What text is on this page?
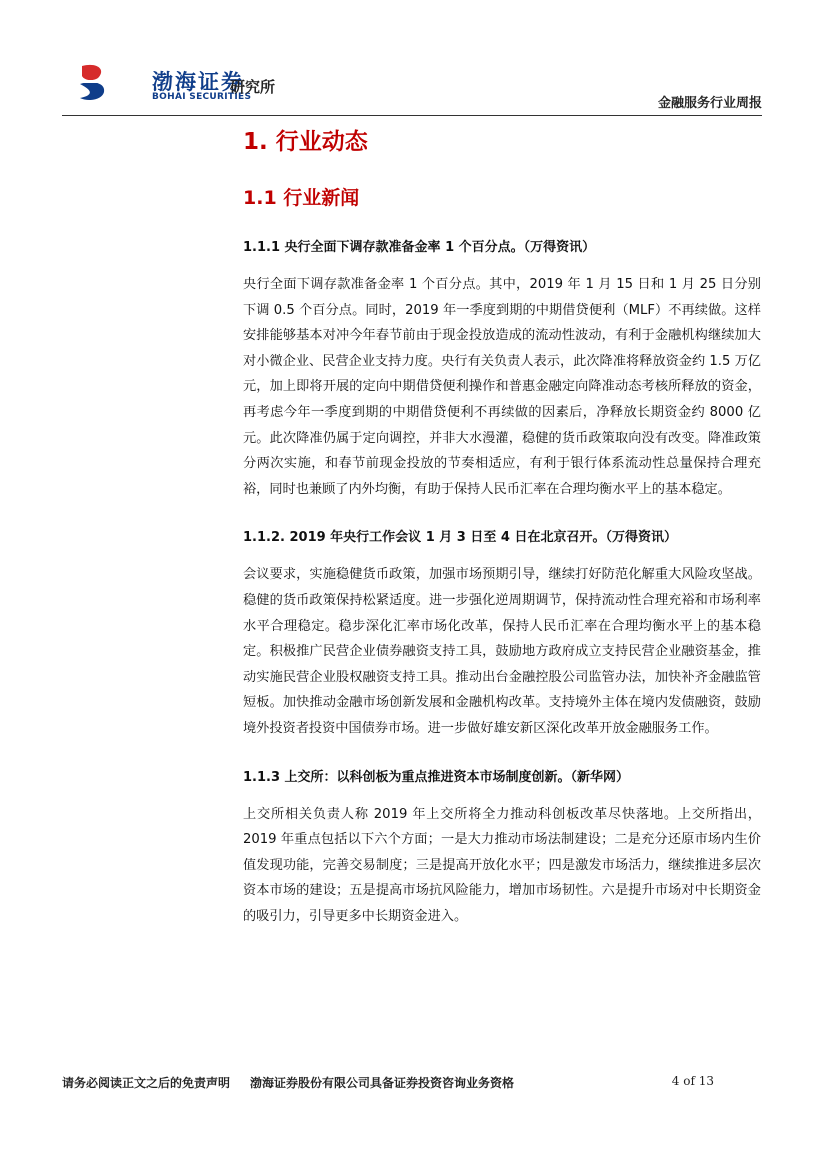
渤海证券
BOHAI SECURITIES
研究所
金融服务行业周报
1. 行业动态
1.1 行业新闻
1.1.1 央行全面下调存款准备金率 1 个百分点。（万得资讯）

央行全面下调存款准备金率 1 个百分点。其中，2019 年 1 月 15 日和 1 月 25 日分别下调 0.5 个百分点。同时，2019 年一季度到期的中期借贷便利（MLF）不再续做。这样安排能够基本对冲今年春节前由于现金投放造成的流动性波动，有利于金融机构继续加大对小微企业、民营企业支持力度。央行有关负责人表示，此次降准将释放资金约 1.5 万亿元，加上即将开展的定向中期借贷便利操作和普惠金融定向降准动态考核所释放的资金，再考虑今年一季度到期的中期借贷便利不再续做的因素后，净释放长期资金约 8000 亿元。此次降准仍属于定向调控，并非大水漫灌，稳健的货币政策取向没有改变。降准政策分两次实施，和春节前现金投放的节奏相适应，有利于银行体系流动性总量保持合理充裕，同时也兼顾了内外均衡，有助于保持人民币汇率在合理均衡水平上的基本稳定。

1.1.2. 2019 年央行工作会议 1 月 3 日至 4 日在北京召开。（万得资讯）

会议要求，实施稳健货币政策，加强市场预期引导，继续打好防范化解重大风险攻坚战。稳健的货币政策保持松紧适度。进一步强化逆周期调节，保持流动性合理充裕和市场利率水平合理稳定。稳步深化汇率市场化改革，保持人民币汇率在合理均衡水平上的基本稳定。积极推广民营企业债券融资支持工具，鼓励地方政府成立支持民营企业融资基金，推动实施民营企业股权融资支持工具。推动出台金融控股公司监管办法，加快补齐金融监管短板。加快推动金融市场创新发展和金融机构改革。支持境外主体在境内发债融资，鼓励境外投资者投资中国债券市场。进一步做好雄安新区深化改革开放金融服务工作。

1.1.3 上交所：以科创板为重点推进资本市场制度创新。（新华网）

上交所相关负责人称 2019 年上交所将全力推动科创板改革尽快落地。上交所指出，2019 年重点包括以下六个方面；一是大力推动市场法制建设；二是充分还原市场内生价值发现功能，完善交易制度；三是提高开放化水平；四是激发市场活力，继续推进多层次资本市场的建设；五是提高市场抗风险能力，增加市场韧性。六是提升市场对中长期资金的吸引力，引导更多中长期资金进入。

请务必阅读正文之后的免责声明 渤海证券股份有限公司具备证券投资咨询业务资格	4 of 13
